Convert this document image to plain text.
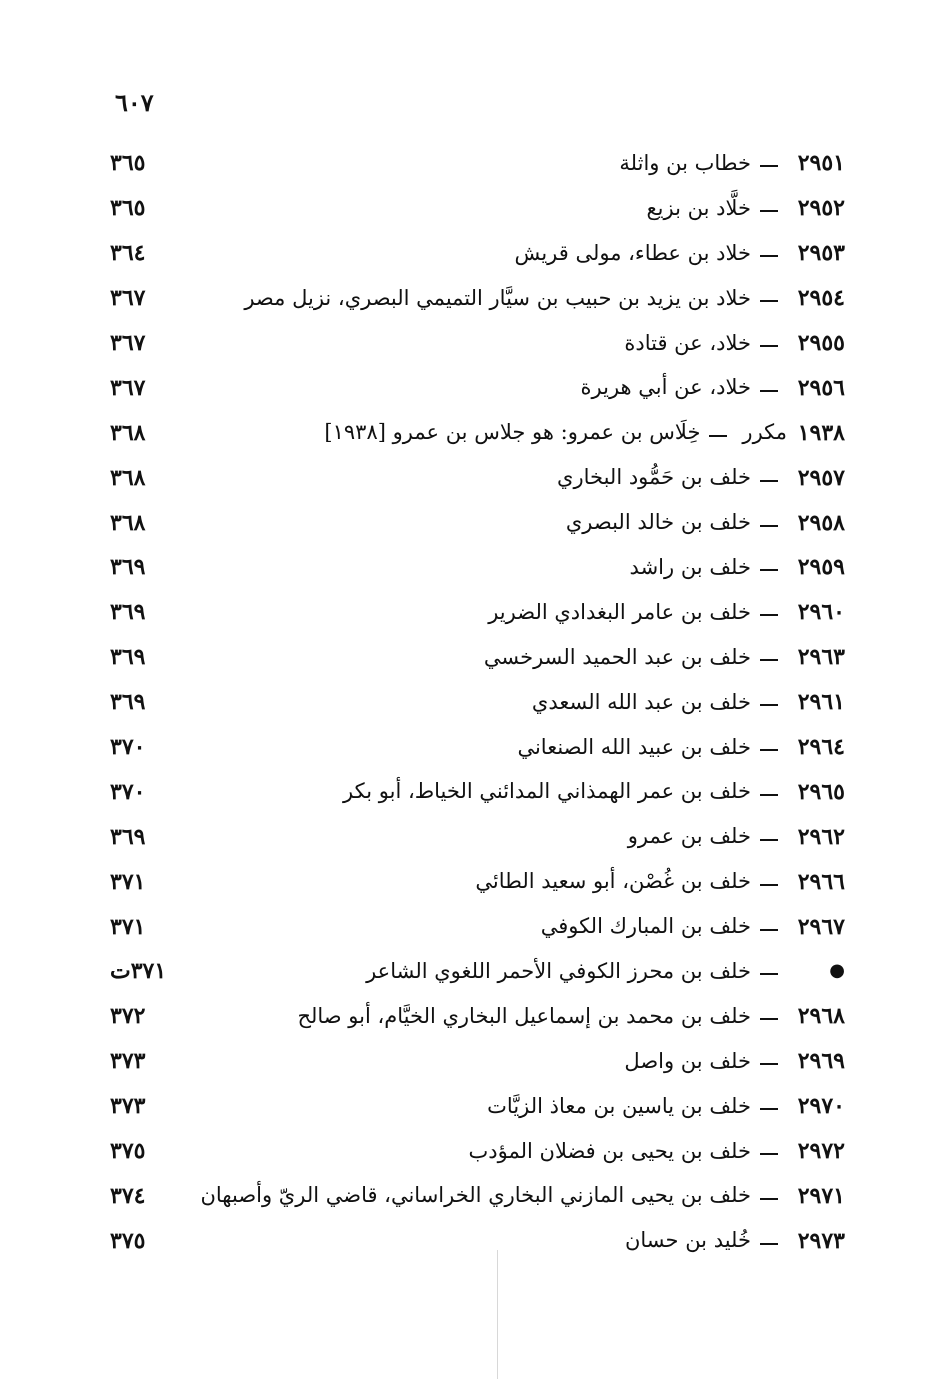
٦٠٧
٢٩٥١
خطاب بن واثلة
٣٦٥
٢٩٥٢
خلَّاد بن بزيع
٣٦٥
٢٩٥٣
خلاد بن عطاء، مولى قريش
٣٦٤
٢٩٥٤
خلاد بن يزيد بن حبيب بن سيَّار التميمي البصري، نزيل مصر
٣٦٧
٢٩٥٥
خلاد، عن قتادة
٣٦٧
٢٩٥٦
خلاد، عن أبي هريرة
٣٦٧
١٩٣٨
مكرر
خِلَاس بن عمرو: هو جلاس بن عمرو [١٩٣٨]
٣٦٨
٢٩٥٧
خلف بن حَمُّود البخاري
٣٦٨
٢٩٥٨
خلف بن خالد البصري
٣٦٨
٢٩٥٩
خلف بن راشد
٣٦٩
٢٩٦٠
خلف بن عامر البغدادي الضرير
٣٦٩
٢٩٦٣
خلف بن عبد الحميد السرخسي
٣٦٩
٢٩٦١
خلف بن عبد الله السعدي
٣٦٩
٢٩٦٤
خلف بن عبيد الله الصنعاني
٣٧٠
٢٩٦٥
خلف بن عمر الهمذاني المدائني الخياط، أبو بكر
٣٧٠
٢٩٦٢
خلف بن عمرو
٣٦٩
٢٩٦٦
خلف بن غُصْن، أبو سعيد الطائي
٣٧١
٢٩٦٧
خلف بن المبارك الكوفي
٣٧١
●
خلف بن محرز الكوفي الأحمر اللغوي الشاعر
٣٧١ت
٢٩٦٨
خلف بن محمد بن إسماعيل البخاري الخيَّام، أبو صالح
٣٧٢
٢٩٦٩
خلف بن واصل
٣٧٣
٢٩٧٠
خلف بن ياسين بن معاذ الزيَّات
٣٧٣
٢٩٧٢
خلف بن يحيى بن فضلان المؤدب
٣٧٥
٢٩٧١
خلف بن يحيى المازني البخاري الخراساني، قاضي الريّ وأصبهان
٣٧٤
٢٩٧٣
خُليد بن حسان
٣٧٥
